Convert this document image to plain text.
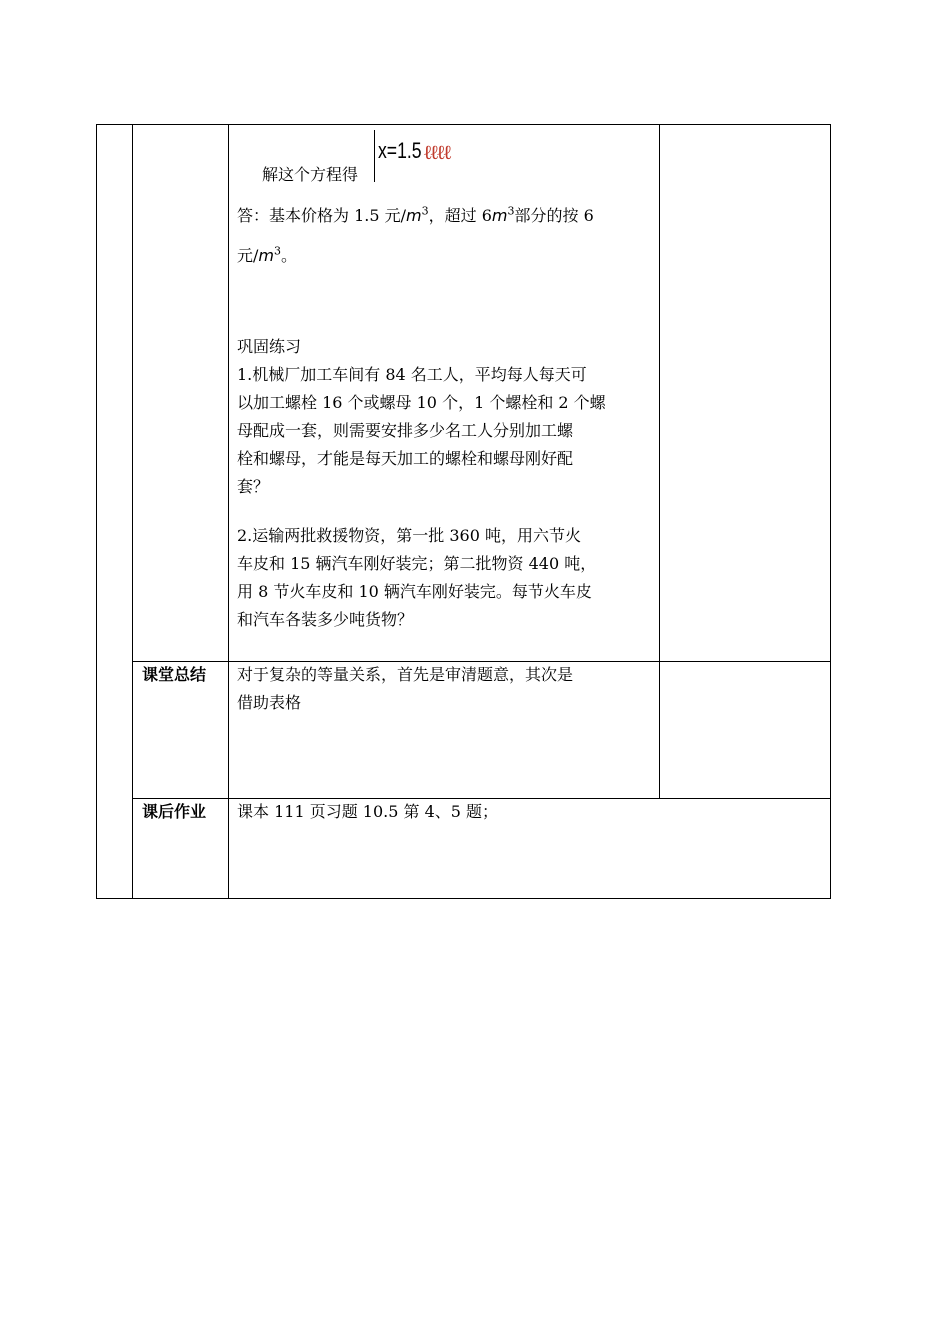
解这个方程得
x=1.5 ℓℓℓℓ
答：基本价格为 1.5 元$/m^3$，超过 $6m^3$部分的按 6
元$/m^3$。
巩固练习
1.机械厂加工车间有 84 名工人，平均每人每天可
以加工螺栓 16 个或螺母 10 个，1 个螺栓和 2 个螺
母配成一套，则需要安排多少名工人分别加工螺
栓和螺母，才能是每天加工的螺栓和螺母刚好配
套？
2.运输两批救援物资，第一批 360 吨，用六节火
车皮和 15 辆汽车刚好装完；第二批物资 440 吨，
用 8 节火车皮和 10 辆汽车刚好装完。每节火车皮
和汽车各装多少吨货物？
课堂总结 对于复杂的等量关系，首先是审清题意，其次是
借助表格
课后作业 课本 111 页习题 10.5 第 4、5 题；
